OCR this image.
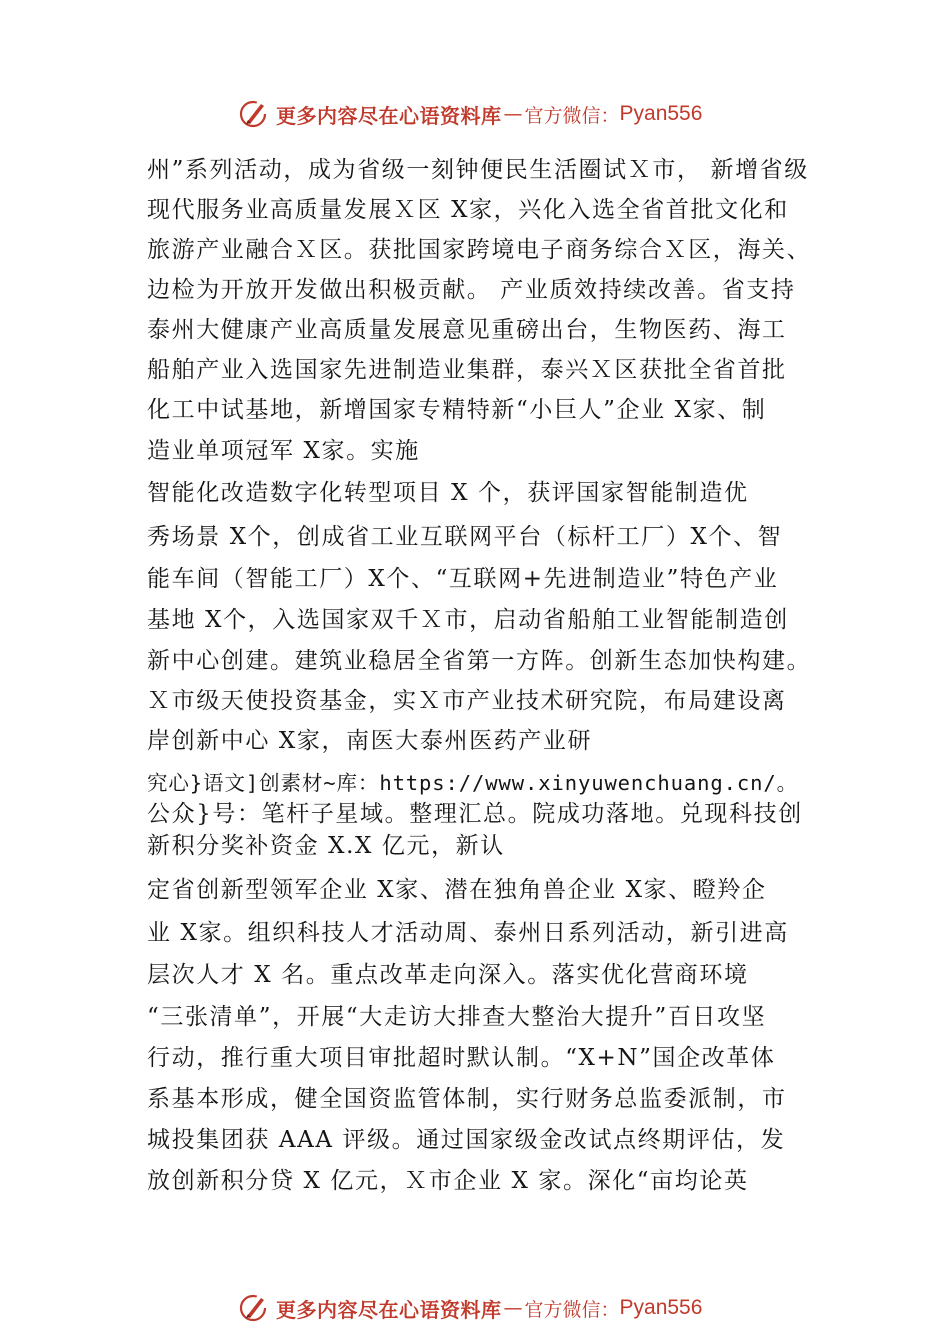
更多内容尽在心语资料库 — 官方微信： Pyan556
州”系列活动，成为省级一刻钟便民生活圈试Ｘ市， 新增省级
现代服务业高质量发展Ｘ区 X家，兴化入选全省首批文化和
旅游产业融合Ｘ区。获批国家跨境电子商务综合Ｘ区，海关、
边检为开放开发做出积极贡献。 产业质效持续改善。省支持
泰州大健康产业高质量发展意见重磅出台，生物医药、海工
船舶产业入选国家先进制造业集群，泰兴Ｘ区获批全省首批
化工中试基地，新增国家专精特新“小巨人”企业 X家、制
造业单项冠军 X家。实施
智能化改造数字化转型项目 X 个，获评国家智能制造优
秀场景 X个，创成省工业互联网平台（标杆工厂）X个、智
能车间（智能工厂）X个、“互联网+先进制造业”特色产业
基地 X个，入选国家双千Ｘ市，启动省船舶工业智能制造创
新中心创建。建筑业稳居全省第一方阵。创新生态加快构建。
Ｘ市级天使投资基金，实Ｘ市产业技术研究院，布局建设离
岸创新中心 X家，南医大泰州医药产业研
究心}语文]创素材~库：https://www.xinyuwenchuang.cn/。
公众}号：笔杆子星域。整理汇总。院成功落地。兑现科技创
新积分奖补资金 X.X 亿元，新认
定省创新型领军企业 X家、潜在独角兽企业 X家、瞪羚企
业 X家。组织科技人才活动周、泰州日系列活动，新引进高
层次人才 X 名。重点改革走向深入。落实优化营商环境
“三张清单”，开展“大走访大排查大整治大提升”百日攻坚
行动，推行重大项目审批超时默认制。“X+N”国企改革体
系基本形成，健全国资监管体制，实行财务总监委派制，市
城投集团获 AAA 评级。通过国家级金改试点终期评估，发
放创新积分贷 X 亿元，Ｘ市企业 X 家。深化“亩均论英
更多内容尽在心语资料库 — 官方微信： Pyan556
